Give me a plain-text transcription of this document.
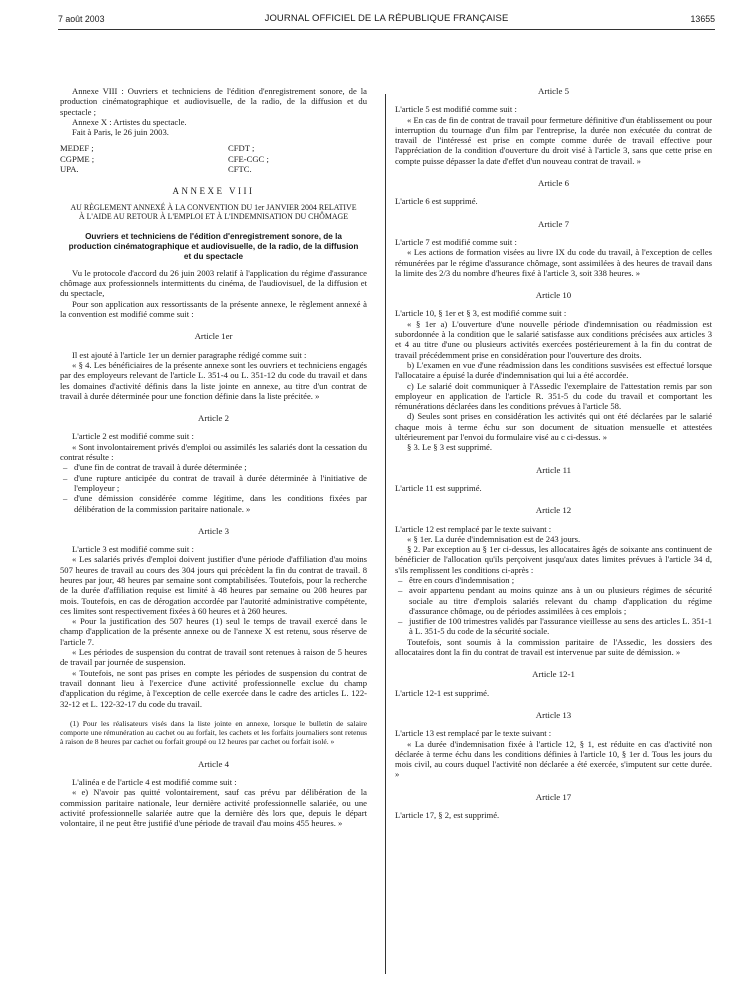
7 août 2003	JOURNAL OFFICIEL DE LA RÉPUBLIQUE FRANÇAISE	13655

Annexe VIII : Ouvriers et techniciens de l'édition d'enregistrement sonore, de la production cinématographique et audiovisuelle, de la radio, de la diffusion et du spectacle ;

Annexe X : Artistes du spectacle.

Fait à Paris, le 26 juin 2003.

MEDEF ;	CFDT ;
CGPME ;	CFE-CGC ;
UPA.	CFTC.

ANNEXE VIII

AU RÈGLEMENT ANNEXÉ À LA CONVENTION DU 1er JANVIER 2004 RELATIVE À L'AIDE AU RETOUR À L'EMPLOI ET À L'INDEMNISATION DU CHÔMAGE

Ouvriers et techniciens de l'édition d'enregistrement sonore, de la production cinématographique et audiovisuelle, de la radio, de la diffusion et du spectacle

Vu le protocole d'accord du 26 juin 2003 relatif à l'application du régime d'assurance chômage aux professionnels intermittents du cinéma, de l'audiovisuel, de la diffusion et du spectacle,

Pour son application aux ressortissants de la présente annexe, le règlement annexé à la convention est modifié comme suit :

Article 1er

Il est ajouté à l'article 1er un dernier paragraphe rédigé comme suit :

« § 4. Les bénéficiaires de la présente annexe sont les ouvriers et techniciens engagés par des employeurs relevant de l'article L. 351-4 ou L. 351-12 du code du travail et dans les domaines d'activité définis dans la liste jointe en annexe, au titre d'un contrat de travail à durée déterminée pour une fonction définie dans la liste précitée. »

Article 2

L'article 2 est modifié comme suit :

« Sont involontairement privés d'emploi ou assimilés les salariés dont la cessation du contrat résulte :

– d'une fin de contrat de travail à durée déterminée ;
– d'une rupture anticipée du contrat de travail à durée déterminée à l'initiative de l'employeur ;
– d'une démission considérée comme légitime, dans les conditions fixées par délibération de la commission paritaire nationale. »

Article 3

L'article 3 est modifié comme suit :

« Les salariés privés d'emploi doivent justifier d'une période d'affiliation d'au moins 507 heures de travail au cours des 304 jours qui précèdent la fin du contrat de travail. 8 heures par jour, 48 heures par semaine sont comptabilisées. Toutefois, pour la recherche de la durée d'affiliation requise est limité à 48 heures par semaine ou 208 heures par mois. Toutefois, en cas de dérogation accordée par l'autorité administrative compétente, ces limites sont respectivement fixées à 60 heures et à 260 heures.

« Pour la justification des 507 heures (1) seul le temps de travail exercé dans le champ d'application de la présente annexe ou de l'annexe X est retenu, sous réserve de l'article 7.

« Les périodes de suspension du contrat de travail sont retenues à raison de 5 heures de travail par journée de suspension.

« Toutefois, ne sont pas prises en compte les périodes de suspension du contrat de travail donnant lieu à l'exercice d'une activité professionnelle exclue du champ d'application du régime, à l'exception de celle exercée dans le cadre des articles L. 122-32-12 et L. 122-32-17 du code du travail.

(1) Pour les réalisateurs visés dans la liste jointe en annexe, lorsque le bulletin de salaire comporte une rémunération au cachet ou au forfait, les cachets et les forfaits journaliers sont retenus à raison de 8 heures par cachet ou forfait groupé ou 12 heures par cachet ou forfait isolé. »

Article 4

L'alinéa e de l'article 4 est modifié comme suit :

« e) N'avoir pas quitté volontairement, sauf cas prévu par délibération de la commission paritaire nationale, leur dernière activité professionnelle salariée, ou une activité professionnelle salariée autre que la dernière dès lors que, depuis le départ volontaire, il ne peut être justifié d'une période de travail d'au moins 455 heures. »

Article 5

L'article 5 est modifié comme suit :

« En cas de fin de contrat de travail pour fermeture définitive d'un établissement ou pour interruption du tournage d'un film par l'entreprise, la durée non exécutée du contrat de travail de l'intéressé est prise en compte comme durée de travail effective pour l'appréciation de la condition d'ouverture du droit visé à l'article 3, sans que cette prise en compte puisse dépasser la date d'effet d'un nouveau contrat de travail. »

Article 6

L'article 6 est supprimé.

Article 7

L'article 7 est modifié comme suit :

« Les actions de formation visées au livre IX du code du travail, à l'exception de celles rémunérées par le régime d'assurance chômage, sont assimilées à des heures de travail dans la limite des 2/3 du nombre d'heures fixé à l'article 3, soit 338 heures. »

Article 10

L'article 10, § 1er et § 3, est modifié comme suit :

« § 1er a) L'ouverture d'une nouvelle période d'indemnisation ou réadmission est subordonnée à la condition que le salarié satisfasse aux conditions précisées aux articles 3 et 4 au titre d'une ou plusieurs activités exercées postérieurement à la fin du contrat de travail précédemment prise en considération pour l'ouverture des droits.

b) L'examen en vue d'une réadmission dans les conditions susvisées est effectué lorsque l'allocataire a épuisé la durée d'indemnisation qui lui a été accordée.

c) Le salarié doit communiquer à l'Assedic l'exemplaire de l'attestation remis par son employeur en application de l'article R. 351-5 du code du travail et comportant les rémunérations déclarées dans les conditions prévues à l'article 58.

d) Seules sont prises en considération les activités qui ont été déclarées par le salarié chaque mois à terme échu sur son document de situation mensuelle et attestées ultérieurement par l'envoi du formulaire visé au c ci-dessus. »

§ 3. Le § 3 est supprimé.

Article 11

L'article 11 est supprimé.

Article 12

L'article 12 est remplacé par le texte suivant :

« § 1er. La durée d'indemnisation est de 243 jours.

§ 2. Par exception au § 1er ci-dessus, les allocataires âgés de soixante ans continuent de bénéficier de l'allocation qu'ils perçoivent jusqu'aux dates limites prévues à l'article 34 d, s'ils remplissent les conditions ci-après :

– être en cours d'indemnisation ;
– avoir appartenu pendant au moins quinze ans à un ou plusieurs régimes de sécurité sociale au titre d'emplois salariés relevant du champ d'application du régime d'assurance chômage, ou de périodes assimilées à ces emplois ;
– justifier de 100 trimestres validés par l'assurance vieillesse au sens des articles L. 351-1 à L. 351-5 du code de la sécurité sociale.

Toutefois, sont soumis à la commission paritaire de l'Assedic, les dossiers des allocataires dont la fin du contrat de travail est intervenue par suite de démission. »

Article 12-1

L'article 12-1 est supprimé.

Article 13

L'article 13 est remplacé par le texte suivant :

« La durée d'indemnisation fixée à l'article 12, § 1, est réduite en cas d'activité non déclarée à terme échu dans les conditions définies à l'article 10, § 1er d. Tous les jours du mois civil, au cours duquel l'activité non déclarée a été exercée, s'imputent sur cette durée. »

Article 17

L'article 17, § 2, est supprimé.
